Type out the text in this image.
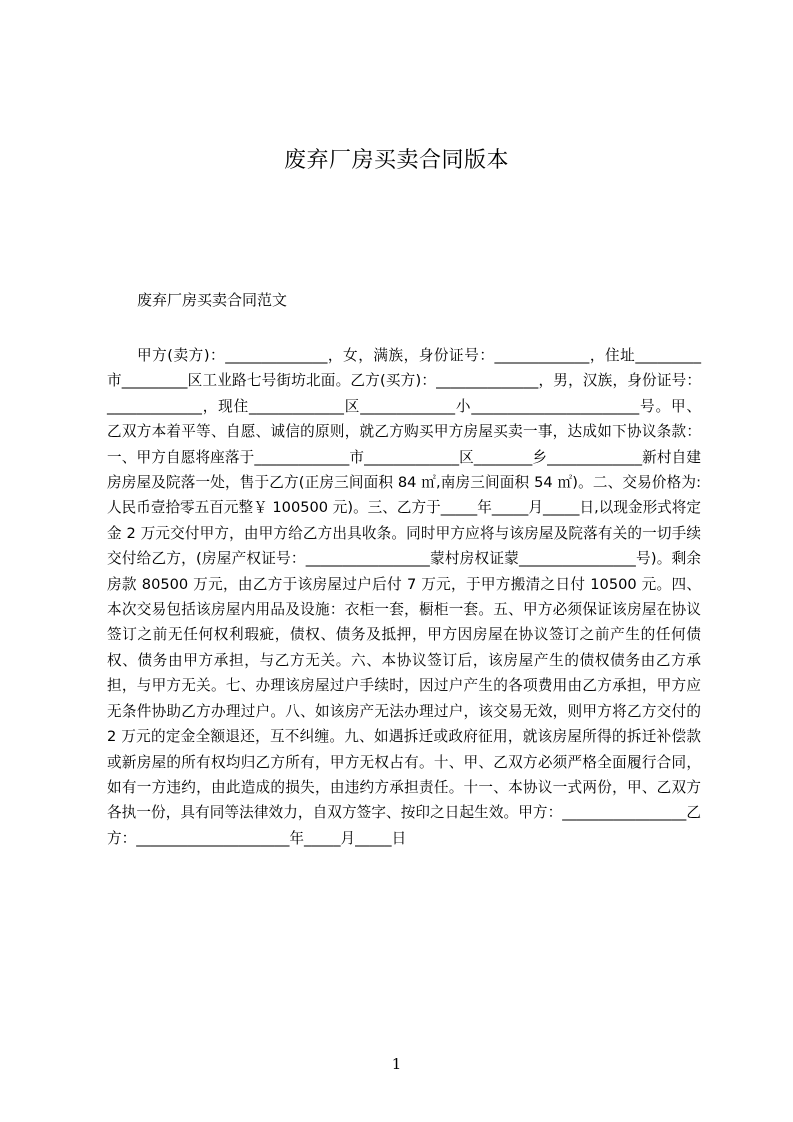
废弃厂房买卖合同版本
废弃厂房买卖合同范文

甲方(卖方)：______________，女，满族，身份证号：_____________，住址_________市_________区工业路七号街坊北面。乙方(买方)：______________，男，汉族，身份证号：_____________，现住_____________区_____________小_______________________号。甲、乙双方本着平等、自愿、诚信的原则，就乙方购买甲方房屋买卖一事，达成如下协议条款：一、甲方自愿将座落于_____________市_____________区________乡_____________新村自建房房屋及院落一处，售于乙方(正房三间面积 84 ㎡,南房三间面积 54 ㎡)。二、交易价格为:人民币壹拾零五百元整￥ 100500 元)。三、乙方于_____年_____月_____日,以现金形式将定金 2 万元交付甲方，由甲方给乙方出具收条。同时甲方应将与该房屋及院落有关的一切手续交付给乙方，(房屋产权证号：_________________蒙村房权证蒙________________号)。剩余房款 80500 万元，由乙方于该房屋过户后付 7 万元，于甲方搬清之日付 10500 元。四、本次交易包括该房屋内用品及设施：衣柜一套，橱柜一套。五、甲方必须保证该房屋在协议签订之前无任何权利瑕疵，债权、债务及抵押，甲方因房屋在协议签订之前产生的任何债权、债务由甲方承担，与乙方无关。六、本协议签订后，该房屋产生的债权债务由乙方承担，与甲方无关。七、办理该房屋过户手续时，因过户产生的各项费用由乙方承担，甲方应无条件协助乙方办理过户。八、如该房产无法办理过户，该交易无效，则甲方将乙方交付的 2 万元的定金全额退还，互不纠缠。九、如遇拆迁或政府征用，就该房屋所得的拆迁补偿款或新房屋的所有权均归乙方所有，甲方无权占有。十、甲、乙双方必须严格全面履行合同，如有一方违约，由此造成的损失，由违约方承担责任。十一、本协议一式两份，甲、乙双方各执一份，具有同等法律效力，自双方签字、按印之日起生效。甲方：_________________乙方：_____________________年_____月_____日

1
